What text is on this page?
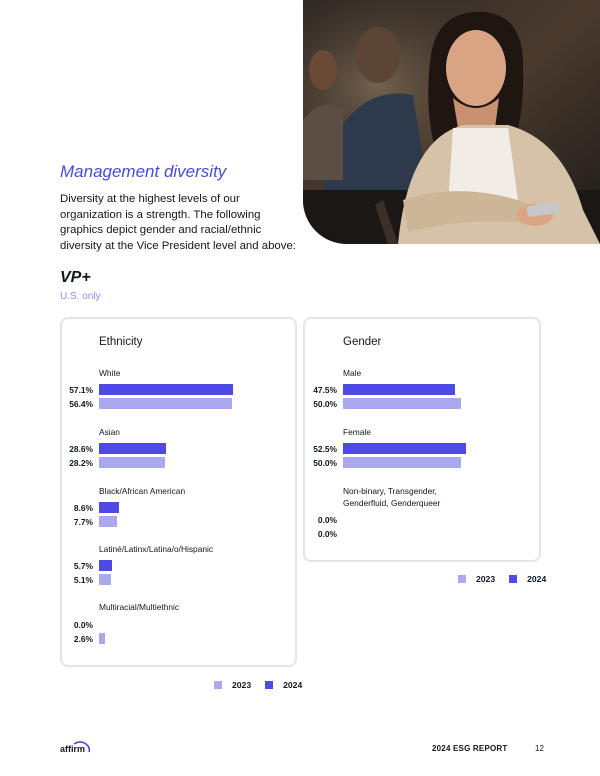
Management diversity
Diversity at the highest levels of our organization is a strength. The following graphics depict gender and racial/ethnic diversity at the Vice President level and above:
VP+
U.S. only
Ethnicity
White
57.1%
56.4%
Asian
28.6%
28.2%
Black/African American
8.6%
7.7%
Latiné/Latinx/Latina/o/Hispanic
5.7%
5.1%
Multiracial/Multiethnic
0.0%
2.6%
Gender
Male
47.5%
50.0%
Female
52.5%
50.0%
Non-binary, Transgender, Genderfluid, Genderqueer
0.0%
0.0%
2023	2024
2023	2024
affirm	2024 ESG REPORT	12
